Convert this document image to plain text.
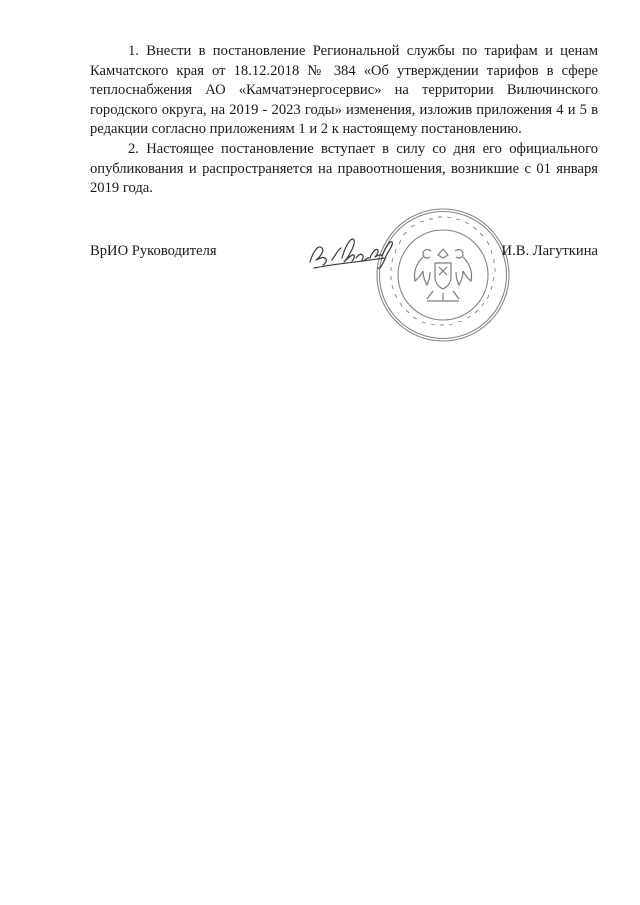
1. Внести в постановление Региональной службы по тарифам и ценам Камчатского края от 18.12.2018 № 384 «Об утверждении тарифов в сфере теплоснабжения АО «Камчатэнергосервис» на территории Вилючинского городского округа, на 2019 - 2023 годы» изменения, изложив приложения 4 и 5 в редакции согласно приложениям 1 и 2 к настоящему постановлению.

2. Настоящее постановление вступает в силу со дня его официального опубликования и распространяется на правоотношения, возникшие с 01 января 2019 года.

ВрИО Руководителя	И.В. Лагуткина
